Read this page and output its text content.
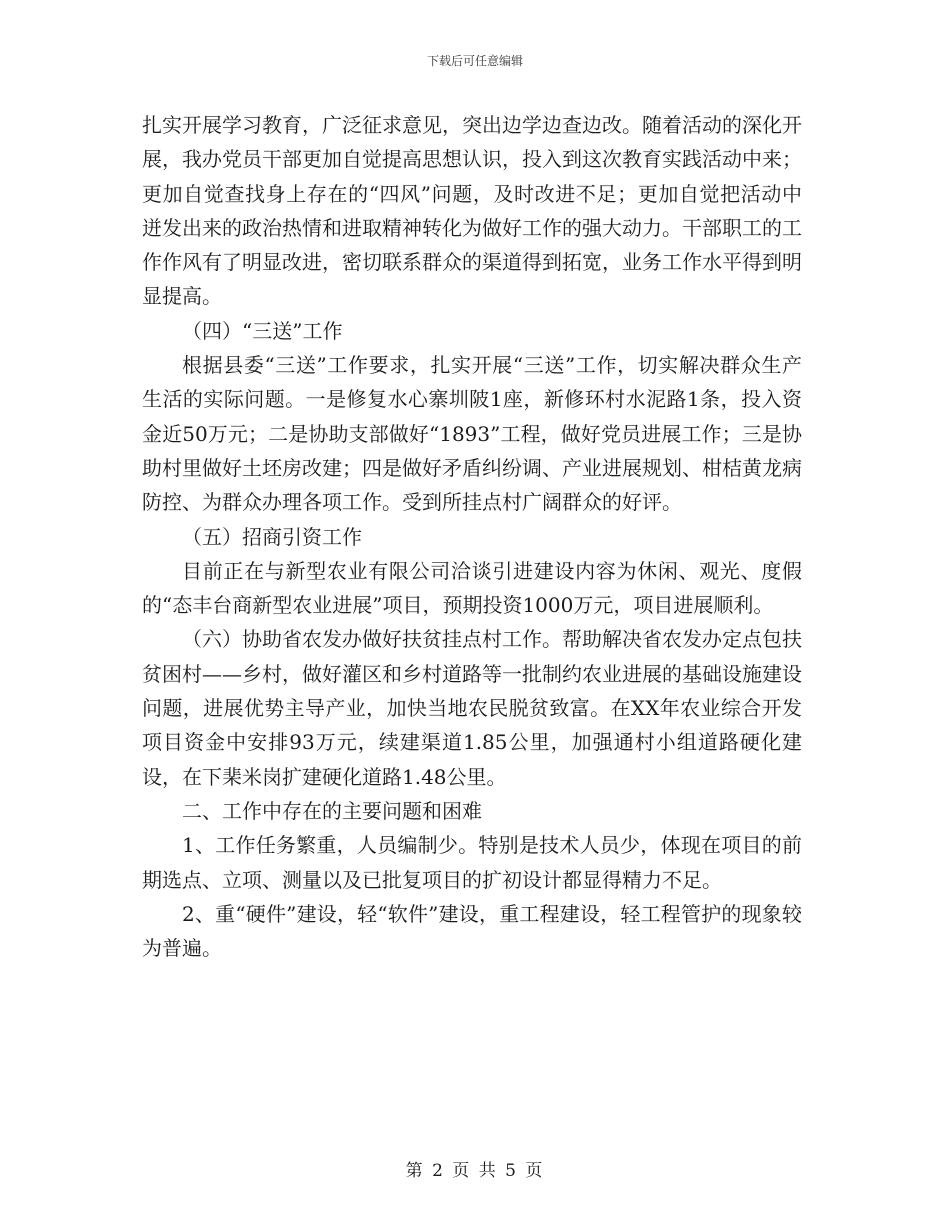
下载后可任意编辑

扎实开展学习教育，广泛征求意见，突出边学边查边改。随着活动的深化开展，我办党员干部更加自觉提高思想认识，投入到这次教育实践活动中来；更加自觉查找身上存在的“四风”问题，及时改进不足；更加自觉把活动中迸发出来的政治热情和进取精神转化为做好工作的强大动力。干部职工的工作作风有了明显改进，密切联系群众的渠道得到拓宽，业务工作水平得到明显提高。

（四）“三送”工作

根据县委“三送”工作要求，扎实开展“三送”工作，切实解决群众生产生活的实际问题。一是修复水心寨圳陂1座，新修环村水泥路1条，投入资金近50万元；二是协助支部做好“1893”工程，做好党员进展工作；三是协助村里做好土坯房改建；四是做好矛盾纠纷调、产业进展规划、柑桔黄龙病防控、为群众办理各项工作。受到所挂点村广阔群众的好评。

（五）招商引资工作

目前正在与新型农业有限公司洽谈引进建设内容为休闲、观光、度假的“态丰台商新型农业进展”项目，预期投资1000万元，项目进展顺利。

（六）协助省农发办做好扶贫挂点村工作。帮助解决省农发办定点包扶贫困村——乡村，做好灌区和乡村道路等一批制约农业进展的基础设施建设问题，进展优势主导产业，加快当地农民脱贫致富。在XX年农业综合开发项目资金中安排93万元，续建渠道1.85公里，加强通村小组道路硬化建设，在下棐米岗扩建硬化道路1.48公里。

二、工作中存在的主要问题和困难

1、工作任务繁重，人员编制少。特别是技术人员少，体现在项目的前期选点、立项、测量以及已批复项目的扩初设计都显得精力不足。

2、重“硬件”建设，轻“软件”建设，重工程建设，轻工程管护的现象较为普遍。

第 2 页 共 5 页
